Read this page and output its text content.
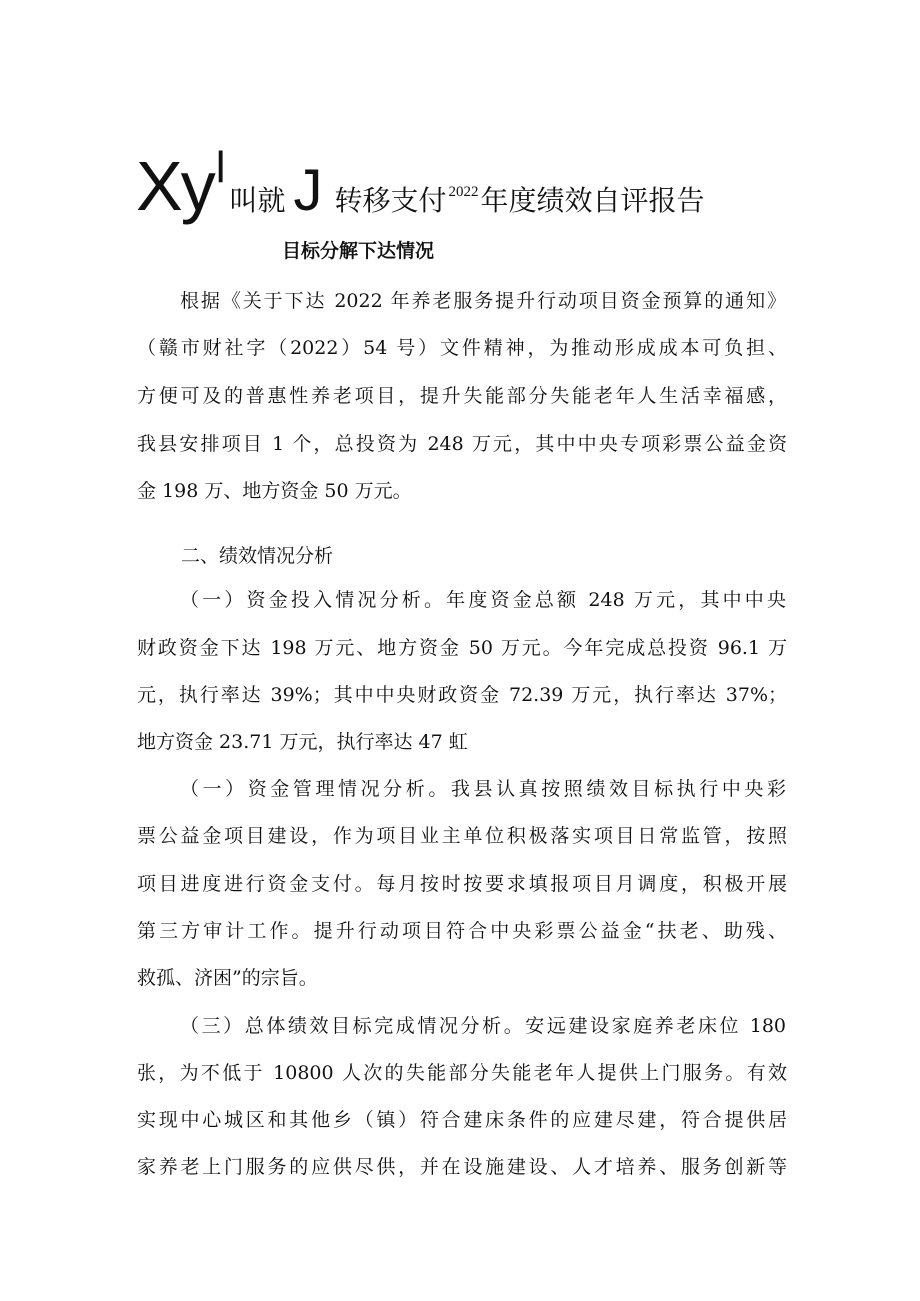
Xyl叫就 J 转移支付 2022年度绩效自评报告
目标分解下达情况
根据《关于下达 2022 年养老服务提升行动项目资金预算的通知》
（赣市财社字（2022）54 号）文件精神，为推动形成成本可负担、
方便可及的普惠性养老项目，提升失能部分失能老年人生活幸福感，
我县安排项目 1 个，总投资为 248 万元，其中中央专项彩票公益金资
金 198 万、地方资金 50 万元。
二、绩效情况分析
（一）资金投入情况分析。年度资金总额 248 万元，其中中央
财政资金下达 198 万元、地方资金 50 万元。今年完成总投资 96.1 万
元，执行率达 39%；其中中央财政资金 72.39 万元，执行率达 37%；
地方资金 23.71 万元，执行率达 47 虹
（一）资金管理情况分析。我县认真按照绩效目标执行中央彩
票公益金项目建设，作为项目业主单位积极落实项目日常监管，按照
项目进度进行资金支付。每月按时按要求填报项目月调度，积极开展
第三方审计工作。提升行动项目符合中央彩票公益金“扶老、助残、
救孤、济困”的宗旨。
（三）总体绩效目标完成情况分析。安远建设家庭养老床位 180
张，为不低于 10800 人次的失能部分失能老年人提供上门服务。有效
实现中心城区和其他乡（镇）符合建床条件的应建尽建，符合提供居
家养老上门服务的应供尽供，并在设施建设、人才培养、服务创新等
